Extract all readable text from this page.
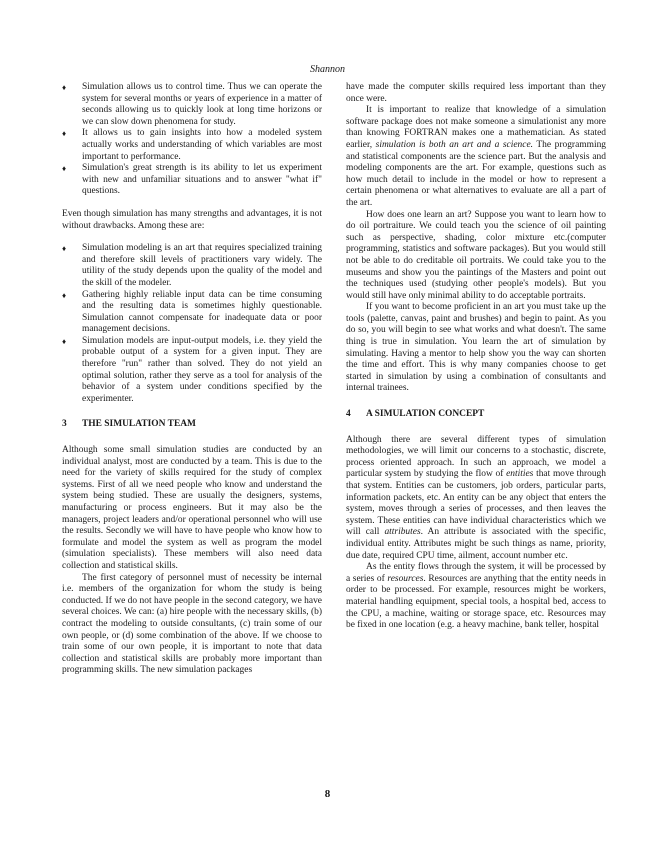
Shannon
♦ Simulation allows us to control time. Thus we can operate the system for several months or years of experience in a matter of seconds allowing us to quickly look at long time horizons or we can slow down phenomena for study.
♦ It allows us to gain insights into how a modeled system actually works and understanding of which variables are most important to performance.
♦ Simulation's great strength is its ability to let us experiment with new and unfamiliar situations and to answer "what if" questions.

Even though simulation has many strengths and advantages, it is not without drawbacks. Among these are:

♦ Simulation modeling is an art that requires specialized training and therefore skill levels of practitioners vary widely. The utility of the study depends upon the quality of the model and the skill of the modeler.
♦ Gathering highly reliable input data can be time consuming and the resulting data is sometimes highly questionable. Simulation cannot compensate for inadequate data or poor management decisions.
♦ Simulation models are input-output models, i.e. they yield the probable output of a system for a given input. They are therefore "run" rather than solved. They do not yield an optimal solution, rather they serve as a tool for analysis of the behavior of a system under conditions specified by the experimenter.
3 THE SIMULATION TEAM

Although some small simulation studies are conducted by an individual analyst, most are conducted by a team. This is due to the need for the variety of skills required for the study of complex systems. First of all we need people who know and understand the system being studied. These are usually the designers, systems, manufacturing or process engineers. But it may also be the managers, project leaders and/or operational personnel who will use the results. Secondly we will have to have people who know how to formulate and model the system as well as program the model (simulation specialists). These members will also need data collection and statistical skills.

The first category of personnel must of necessity be internal i.e. members of the organization for whom the study is being conducted. If we do not have people in the second category, we have several choices. We can: (a) hire people with the necessary skills, (b) contract the modeling to outside consultants, (c) train some of our own people, or (d) some combination of the above. If we choose to train some of our own people, it is important to note that data collection and statistical skills are probably more important than programming skills. The new simulation packages

have made the computer skills required less important than they once were.

It is important to realize that knowledge of a simulation software package does not make someone a simulationist any more than knowing FORTRAN makes one a mathematician. As stated earlier, simulation is both an art and a science. The programming and statistical components are the science part. But the analysis and modeling components are the art. For example, questions such as how much detail to include in the model or how to represent a certain phenomena or what alternatives to evaluate are all a part of the art.

How does one learn an art? Suppose you want to learn how to do oil portraiture. We could teach you the science of oil painting such as perspective, shading, color mixture etc.(computer programming, statistics and software packages). But you would still not be able to do creditable oil portraits. We could take you to the museums and show you the paintings of the Masters and point out the techniques used (studying other people's models). But you would still have only minimal ability to do acceptable portraits.

If you want to become proficient in an art you must take up the tools (palette, canvas, paint and brushes) and begin to paint. As you do so, you will begin to see what works and what doesn't. The same thing is true in simulation. You learn the art of simulation by simulating. Having a mentor to help show you the way can shorten the time and effort. This is why many companies choose to get started in simulation by using a combination of consultants and internal trainees.

4 A SIMULATION CONCEPT

Although there are several different types of simulation methodologies, we will limit our concerns to a stochastic, discrete, process oriented approach. In such an approach, we model a particular system by studying the flow of entities that move through that system. Entities can be customers, job orders, particular parts, information packets, etc. An entity can be any object that enters the system, moves through a series of processes, and then leaves the system. These entities can have individual characteristics which we will call attributes. An attribute is associated with the specific, individual entity. Attributes might be such things as name, priority, due date, required CPU time, ailment, account number etc.

As the entity flows through the system, it will be processed by a series of resources. Resources are anything that the entity needs in order to be processed. For example, resources might be workers, material handling equipment, special tools, a hospital bed, access to the CPU, a machine, waiting or storage space, etc. Resources may be fixed in one location (e.g. a heavy machine, bank teller, hospital

8
